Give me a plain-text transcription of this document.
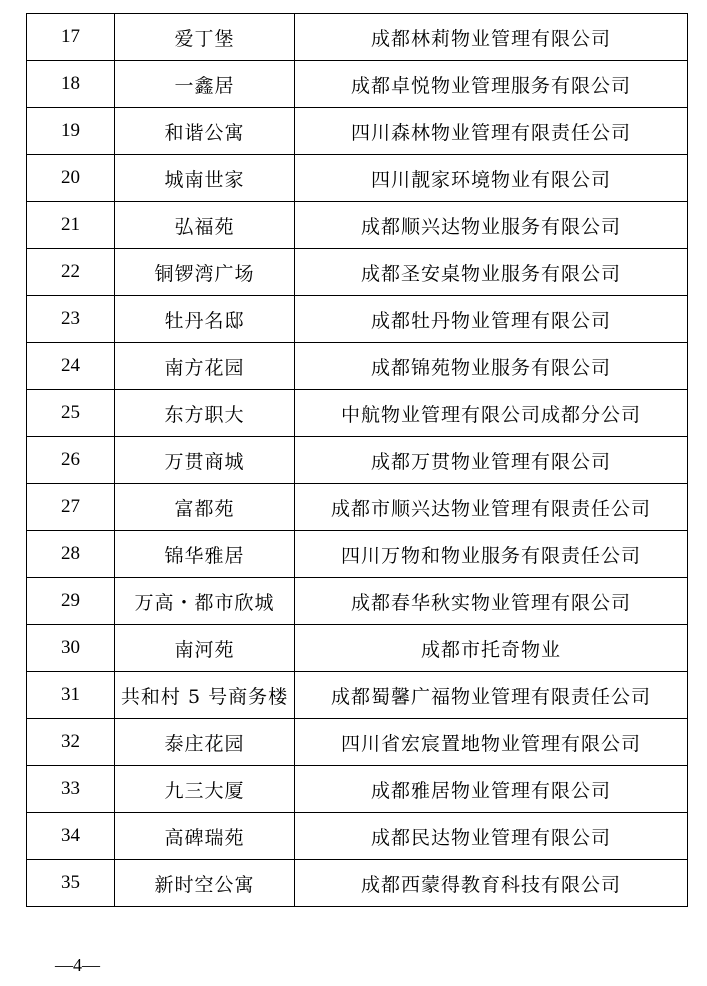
17	爱丁堡	成都林莉物业管理有限公司
18	一鑫居	成都卓悦物业管理服务有限公司
19	和谐公寓	四川森林物业管理有限责任公司
20	城南世家	四川靓家环境物业有限公司
21	弘福苑	成都顺兴达物业服务有限公司
22	铜锣湾广场	成都圣安桌物业服务有限公司
23	牡丹名邸	成都牡丹物业管理有限公司
24	南方花园	成都锦苑物业服务有限公司
25	东方职大	中航物业管理有限公司成都分公司
26	万贯商城	成都万贯物业管理有限公司
27	富都苑	成都市顺兴达物业管理有限责任公司
28	锦华雅居	四川万物和物业服务有限责任公司
29	万高・都市欣城	成都春华秋实物业管理有限公司
30	南河苑	成都市托奇物业
31	共和村 5 号商务楼	成都蜀馨广福物业管理有限责任公司
32	泰庄花园	四川省宏宸置地物业管理有限公司
33	九三大厦	成都雅居物业管理有限公司
34	高碑瑞苑	成都民达物业管理有限公司
35	新时空公寓	成都西蒙得教育科技有限公司
—4—
